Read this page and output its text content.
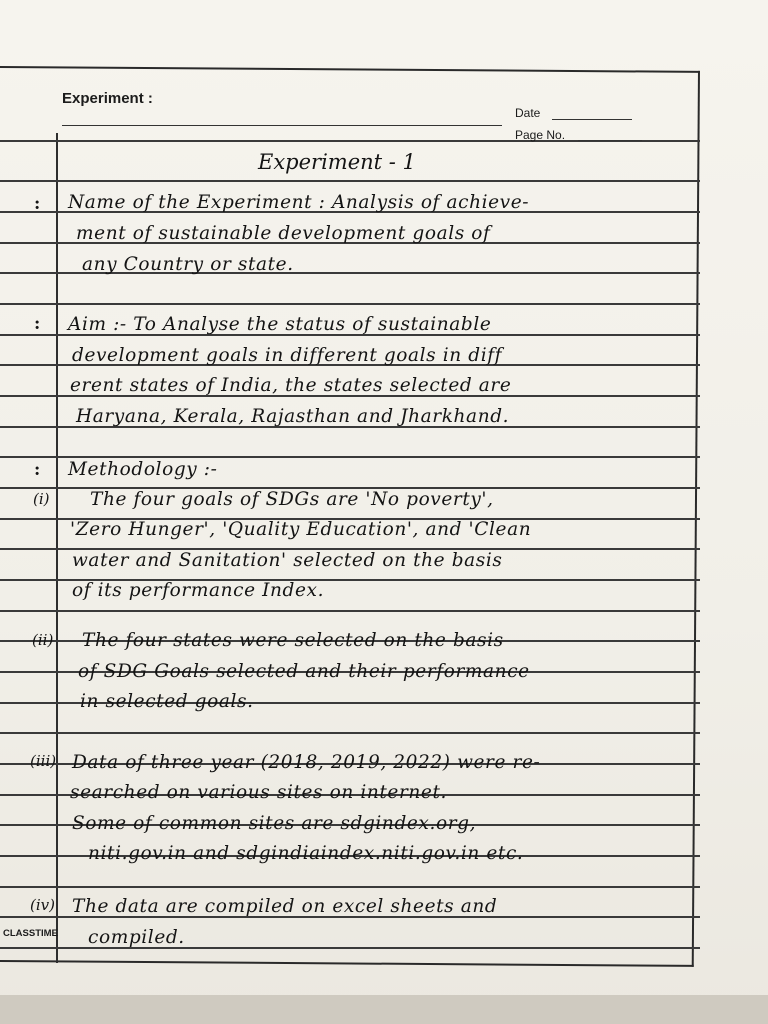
Experiment :
Date
Page No.
Experiment - 1
: Name of the Experiment : Analysis of achieve-
ment of sustainable development goals of
any Country or state.
: Aim :- To Analyse the status of sustainable
development goals in different goals in diff
erent states of India, the states selected are
Haryana, Kerala, Rajasthan and Jharkhand.
: Methodology :-
(i) The four goals of SDGs are 'No poverty',
'Zero Hunger', 'Quality Education', and 'Clean
water and Sanitation' selected on the basis
of its performance Index.
(ii) The four states were selected on the basis
of SDG Goals selected and their performance
in selected goals.
(iii) Data of three year (2018, 2019, 2022) were re-
searched on various sites on internet.
Some of common sites are sdgindex.org,
niti.gov.in and sdgindiaindex.niti.gov.in etc.
(iv) The data are compiled on excel sheets and
compiled.
CLASSTIME
